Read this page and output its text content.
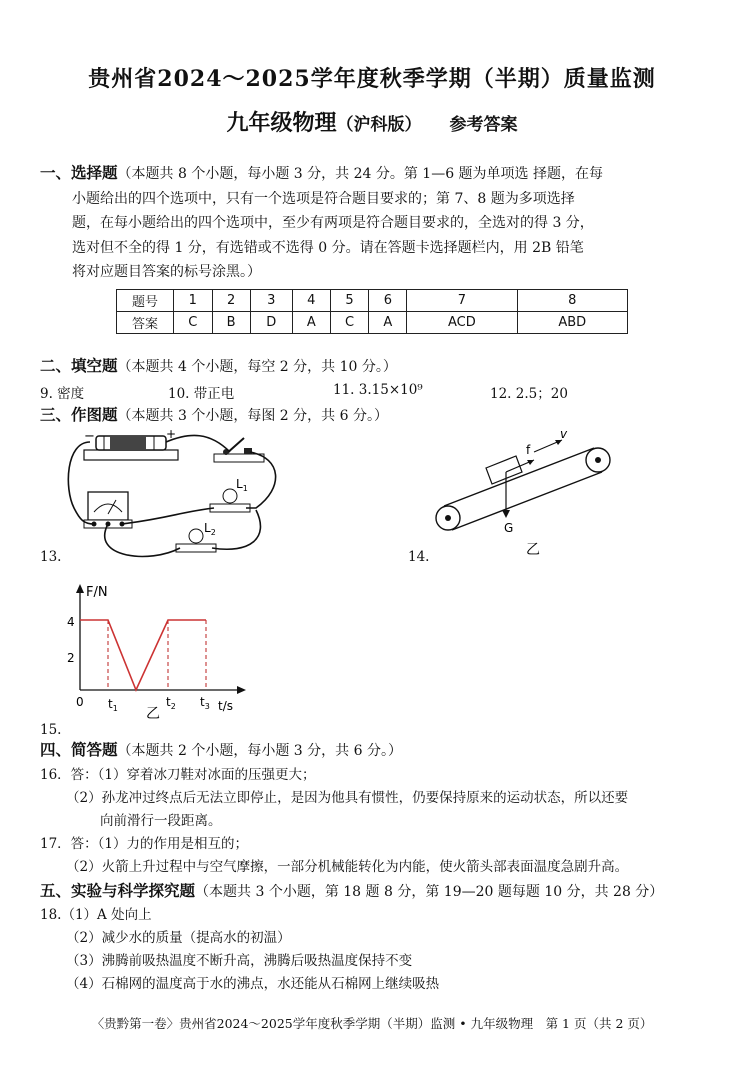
贵州省2024～2025学年度秋季学期（半期）质量监测
九年级物理（沪科版） 参考答案
一、选择题（本题共 8 个小题，每小题 3 分，共 24 分。第 1—6 题为单项选 择题，在每
小题给出的四个选项中，只有一个选项是符合题目要求的；第 7、8 题为多项选择
题，在每小题给出的四个选项中，至少有两项是符合题目要求的，全选对的得 3 分，
选对但不全的得 1 分，有选错或不选得 0 分。请在答题卡选择题栏内，用 2B 铅笔
将对应题目答案的标号涂黑。）
题号	1	2	3	4	5	6	7	8
答案	C	B	D	A	C	A	ACD	ABD
二、填空题（本题共 4 个小题，每空 2 分，共 10 分。）
9. 密度	10. 带正电	11. 3.15×10⁹	12. 2.5；20
三、作图题（本题共 3 个小题，每图 2 分，共 6 分。）
−	+
$L_1$
$L_2$
13.
f
v
G
乙
14.
F/N
4
2
0 $t_1$	$t_2$ $t_3$ t/s
乙
15.
四、简答题（本题共 2 个小题，每小题 3 分，共 6 分。）
16．答：（1）穿着冰刀鞋对冰面的压强更大；
（2）孙龙冲过终点后无法立即停止，是因为他具有惯性，仍要保持原来的运动状态，所以还要
向前滑行一段距离。
17．答：（1）力的作用是相互的；
（2）火箭上升过程中与空气摩擦，一部分机械能转化为内能，使火箭头部表面温度急剧升高。
五、实验与科学探究题（本题共 3 个小题，第 18 题 8 分，第 19—20 题每题 10 分，共 28 分）
18.（1）A 处向上
（2）减少水的质量（提高水的初温）
（3）沸腾前吸热温度不断升高，沸腾后吸热温度保持不变
（4）石棉网的温度高于水的沸点，水还能从石棉网上继续吸热
〈贵黔第一卷〉贵州省2024～2025学年度秋季学期（半期）监测 • 九年级物理　第 1 页（共 2 页）
